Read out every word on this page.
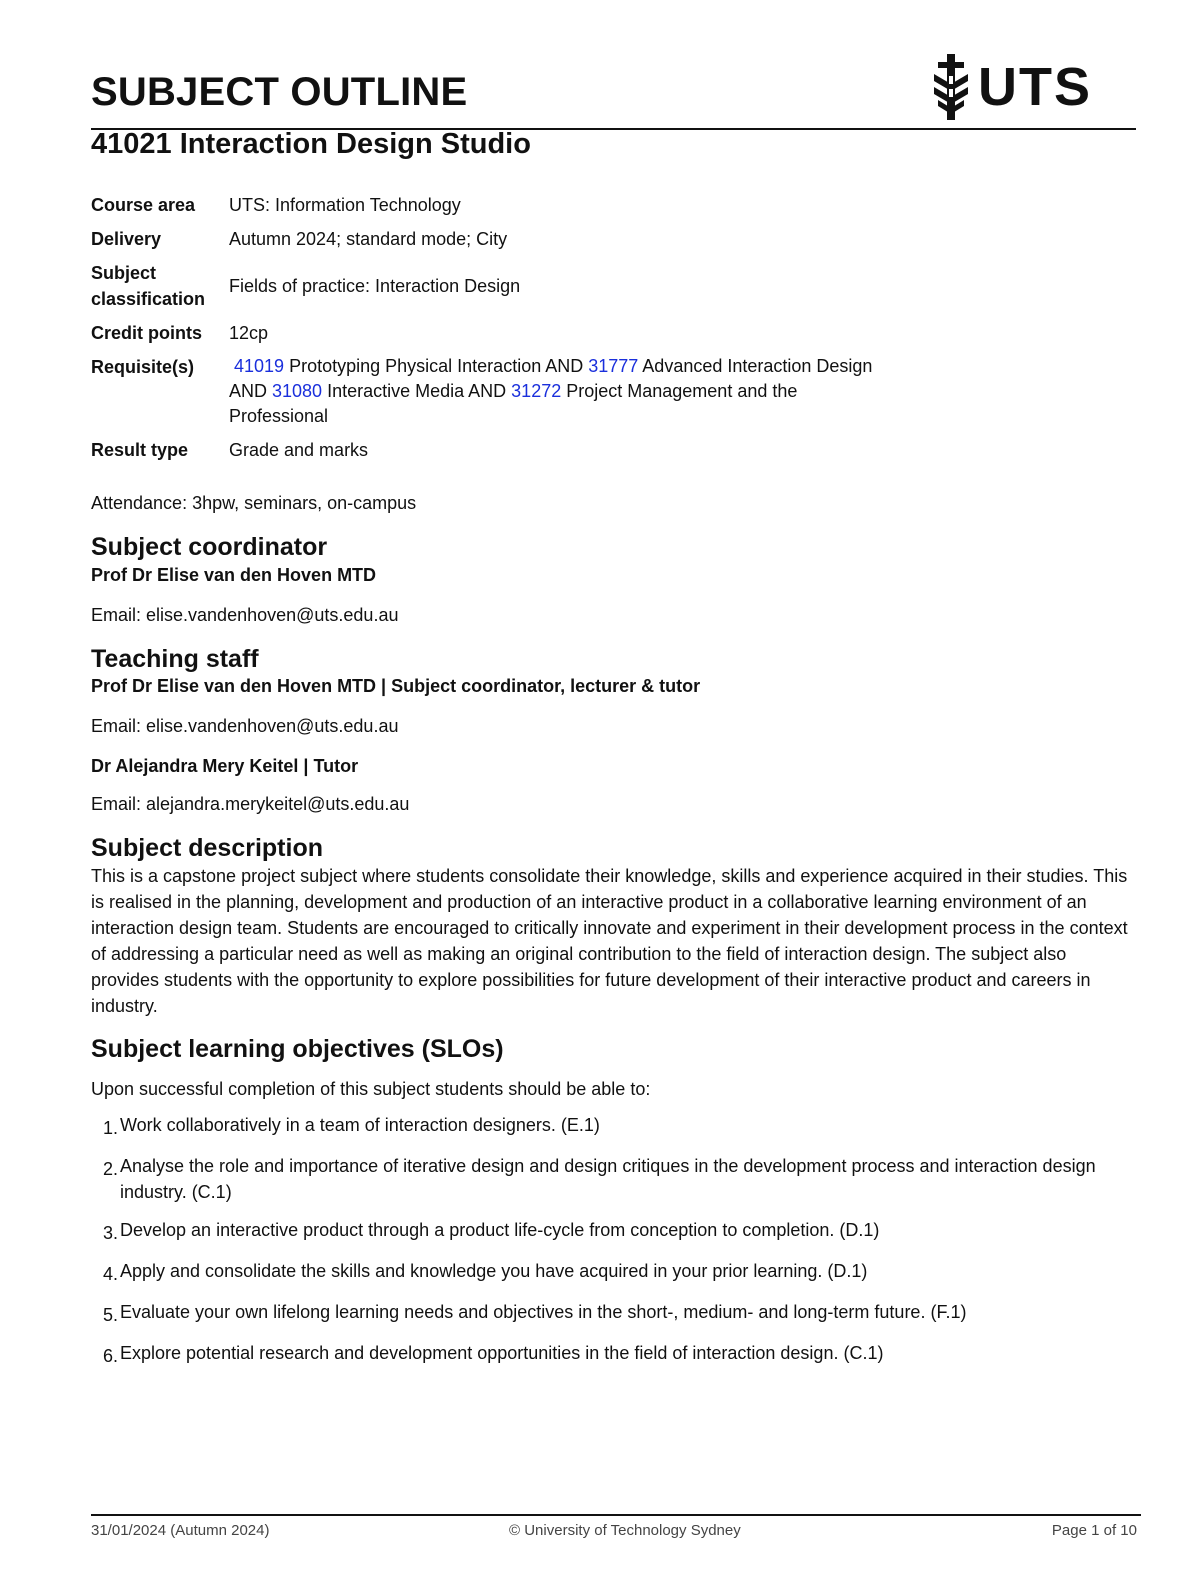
SUBJECT OUTLINE	UTS
41021 Interaction Design Studio
Course area	UTS: Information Technology
Delivery	Autumn 2024; standard mode; City
Subject
classification	Fields of practice: Interaction Design
Credit points	12cp
Requisite(s)	41019 Prototyping Physical Interaction AND 31777 Advanced Interaction Design
AND 31080 Interactive Media AND 31272 Project Management and the
Professional

Result type	Grade and marks
Attendance: 3hpw, seminars, on-campus
Subject coordinator
Prof Dr Elise van den Hoven MTD
Email: elise.vandenhoven@uts.edu.au
Teaching staff
Prof Dr Elise van den Hoven MTD | Subject coordinator, lecturer & tutor
Email: elise.vandenhoven@uts.edu.au
Dr Alejandra Mery Keitel | Tutor
Email: alejandra.merykeitel@uts.edu.au
Subject description
This is a capstone project subject where students consolidate their knowledge, skills and experience acquired in their studies. This is realised in the planning, development and production of an interactive product in a collaborative learning environment of an interaction design team. Students are encouraged to critically innovate and experiment in their development process in the context of addressing a particular need as well as making an original contribution to the field of interaction design. The subject also provides students with the opportunity to explore possibilities for future development of their interactive product and careers in industry.
Subject learning objectives (SLOs)
Upon successful completion of this subject students should be able to:
1. Work collaboratively in a team of interaction designers. (E.1)
2. Analyse the role and importance of iterative design and design critiques in the development process and interaction design industry. (C.1)
3. Develop an interactive product through a product life-cycle from conception to completion. (D.1)
4. Apply and consolidate the skills and knowledge you have acquired in your prior learning. (D.1)
5. Evaluate your own lifelong learning needs and objectives in the short-, medium- and long-term future. (F.1)
6. Explore potential research and development opportunities in the field of interaction design. (C.1)
31/01/2024 (Autumn 2024)	© University of Technology Sydney	Page 1 of 10
